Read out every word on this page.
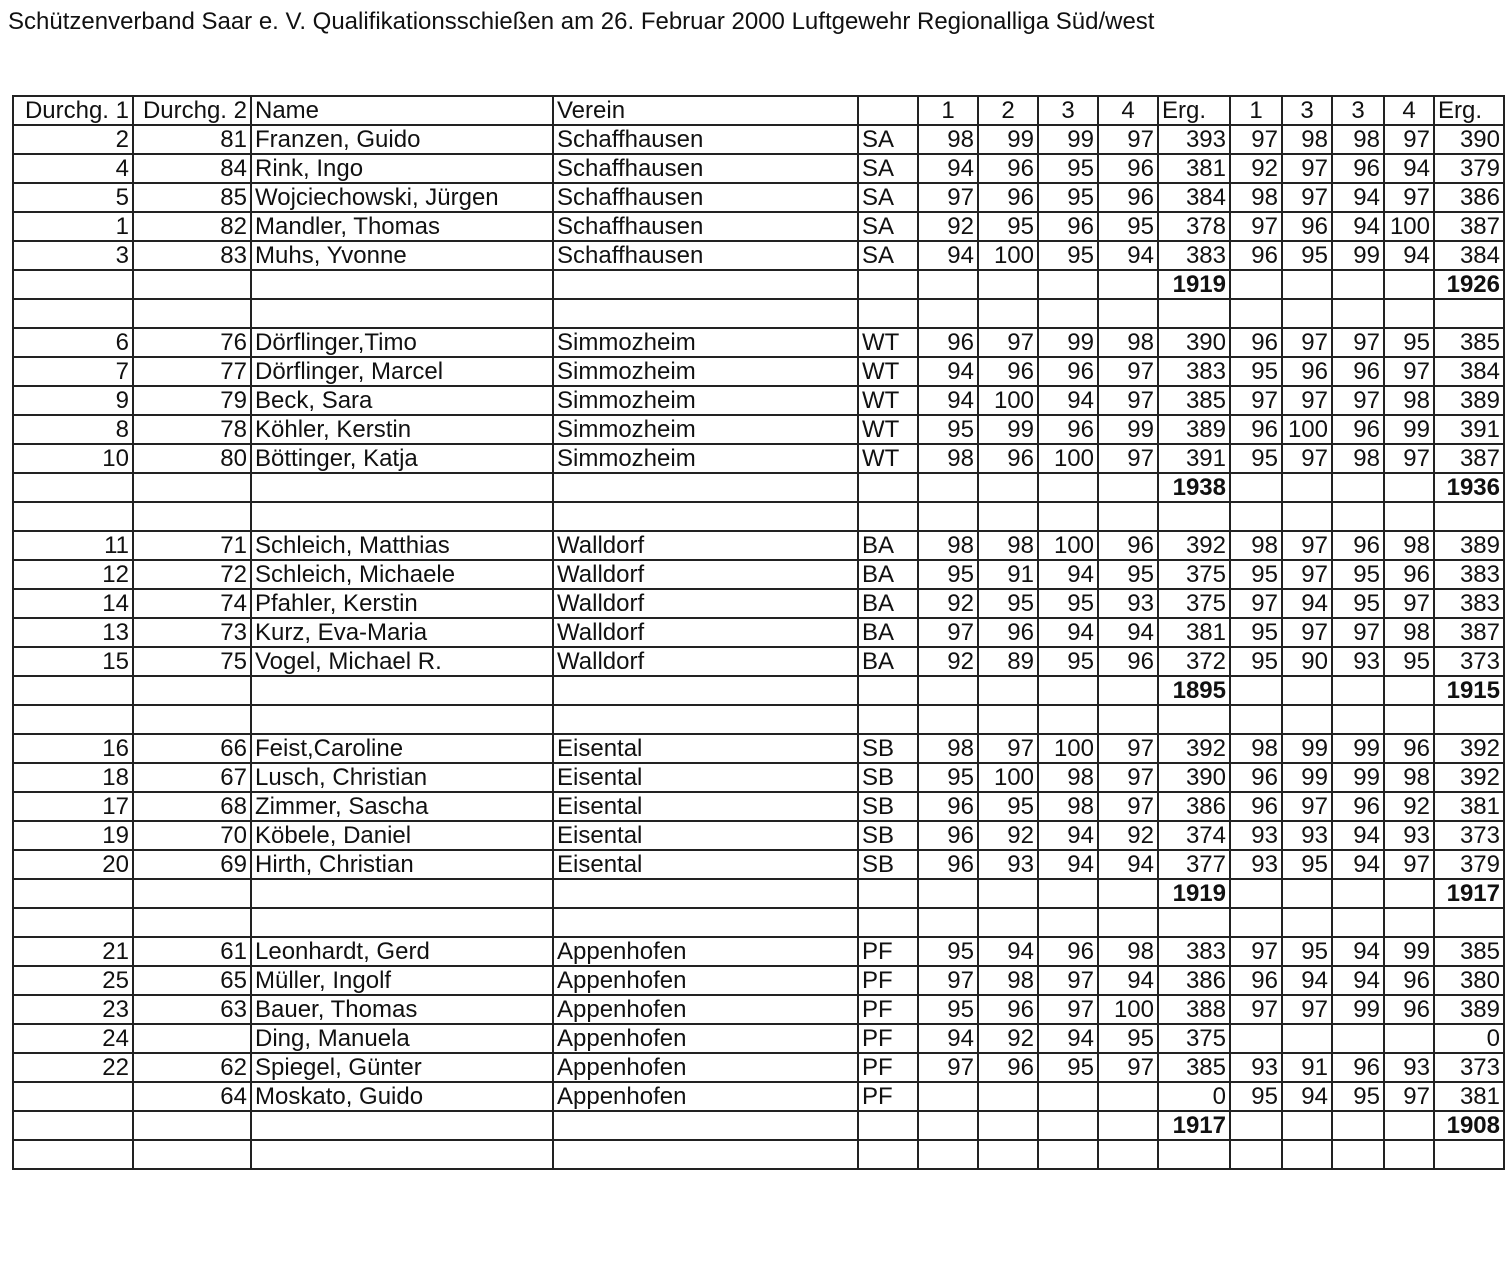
Schützenverband Saar e. V. Qualifikationsschießen am 26. Februar 2000 Luftgewehr Regionalliga Süd/west
Durchg. 1	Durchg. 2	Name	Verein		1	2	3	4	Erg.	1	3	3	4	Erg.
2	81	Franzen, Guido	Schaffhausen	SA	98	99	99	97	393	97	98	98	97	390
4	84	Rink, Ingo	Schaffhausen	SA	94	96	95	96	381	92	97	96	94	379
5	85	Wojciechowski, Jürgen	Schaffhausen	SA	97	96	95	96	384	98	97	94	97	386
1	82	Mandler, Thomas	Schaffhausen	SA	92	95	96	95	378	97	96	94	100	387
3	83	Muhs, Yvonne	Schaffhausen	SA	94	100	95	94	383	96	95	99	94	384
									1919					1926

6	76	Dörflinger,Timo	Simmozheim	WT	96	97	99	98	390	96	97	97	95	385
7	77	Dörflinger, Marcel	Simmozheim	WT	94	96	96	97	383	95	96	96	97	384
9	79	Beck, Sara	Simmozheim	WT	94	100	94	97	385	97	97	97	98	389
8	78	Köhler, Kerstin	Simmozheim	WT	95	99	96	99	389	96	100	96	99	391
10	80	Böttinger, Katja	Simmozheim	WT	98	96	100	97	391	95	97	98	97	387
									1938					1936

11	71	Schleich, Matthias	Walldorf	BA	98	98	100	96	392	98	97	96	98	389
12	72	Schleich, Michaele	Walldorf	BA	95	91	94	95	375	95	97	95	96	383
14	74	Pfahler, Kerstin	Walldorf	BA	92	95	95	93	375	97	94	95	97	383
13	73	Kurz, Eva-Maria	Walldorf	BA	97	96	94	94	381	95	97	97	98	387
15	75	Vogel, Michael R.	Walldorf	BA	92	89	95	96	372	95	90	93	95	373
									1895					1915

16	66	Feist,Caroline	Eisental	SB	98	97	100	97	392	98	99	99	96	392
18	67	Lusch, Christian	Eisental	SB	95	100	98	97	390	96	99	99	98	392
17	68	Zimmer, Sascha	Eisental	SB	96	95	98	97	386	96	97	96	92	381
19	70	Köbele, Daniel	Eisental	SB	96	92	94	92	374	93	93	94	93	373
20	69	Hirth, Christian	Eisental	SB	96	93	94	94	377	93	95	94	97	379
									1919					1917

21	61	Leonhardt, Gerd	Appenhofen	PF	95	94	96	98	383	97	95	94	99	385
25	65	Müller, Ingolf	Appenhofen	PF	97	98	97	94	386	96	94	94	96	380
23	63	Bauer, Thomas	Appenhofen	PF	95	96	97	100	388	97	97	99	96	389
24		Ding, Manuela	Appenhofen	PF	94	92	94	95	375					0
22	62	Spiegel, Günter	Appenhofen	PF	97	96	95	97	385	93	91	96	93	373
	64	Moskato, Guido	Appenhofen	PF					0	95	94	95	97	381
									1917					1908
